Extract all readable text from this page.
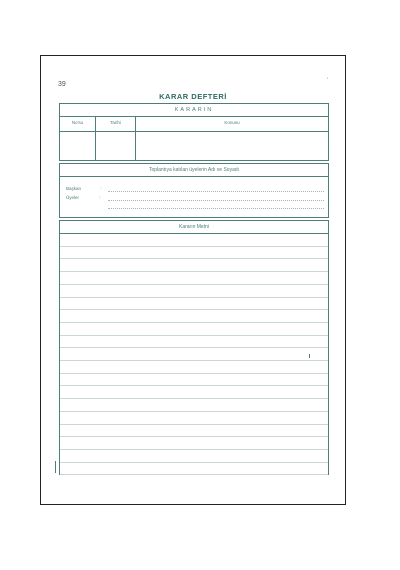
39	'
KARAR DEFTERİ
KARARIN
No'su	Tarihi	Konusu
Toplantıya katılan üyelerin Adı ve Soyadı
Başkan	:
Üyeler	:
Kararın Metni
